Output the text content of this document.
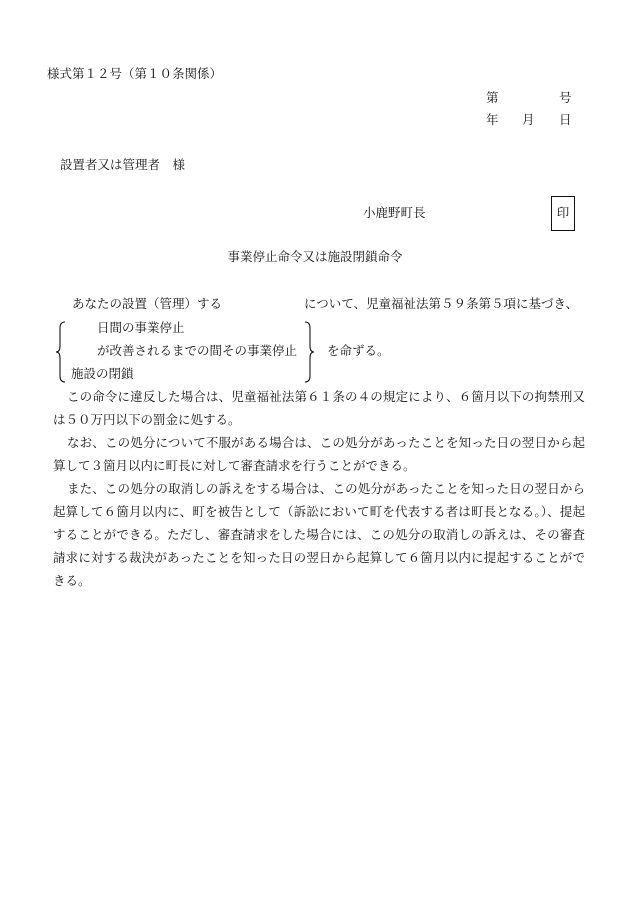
様式第１２号（第１０条関係）
第	号
年 月 日
設置者又は管理者　様
小鹿野町長	印
事業停止命令又は施設閉鎖命令
あなたの設置（管理）する	について、児童福祉法第５９条第５項に基づき、
日間の事業停止
が改善されるまでの間その事業停止
施設の閉鎖
を命ずる。
この命令に違反した場合は、児童福祉法第６１条の４の規定により、６箇月以下の拘禁刑又は５０万円以下の罰金に処する。
なお、この処分について不服がある場合は、この処分があったことを知った日の翌日から起算して３箇月以内に町長に対して審査請求を行うことができる。
また、この処分の取消しの訴えをする場合は、この処分があったことを知った日の翌日から起算して６箇月以内に、町を被告として（訴訟において町を代表する者は町長となる。）、提起することができる。ただし、審査請求をした場合には、この処分の取消しの訴えは、その審査請求に対する裁決があったことを知った日の翌日から起算して６箇月以内に提起することができる。
